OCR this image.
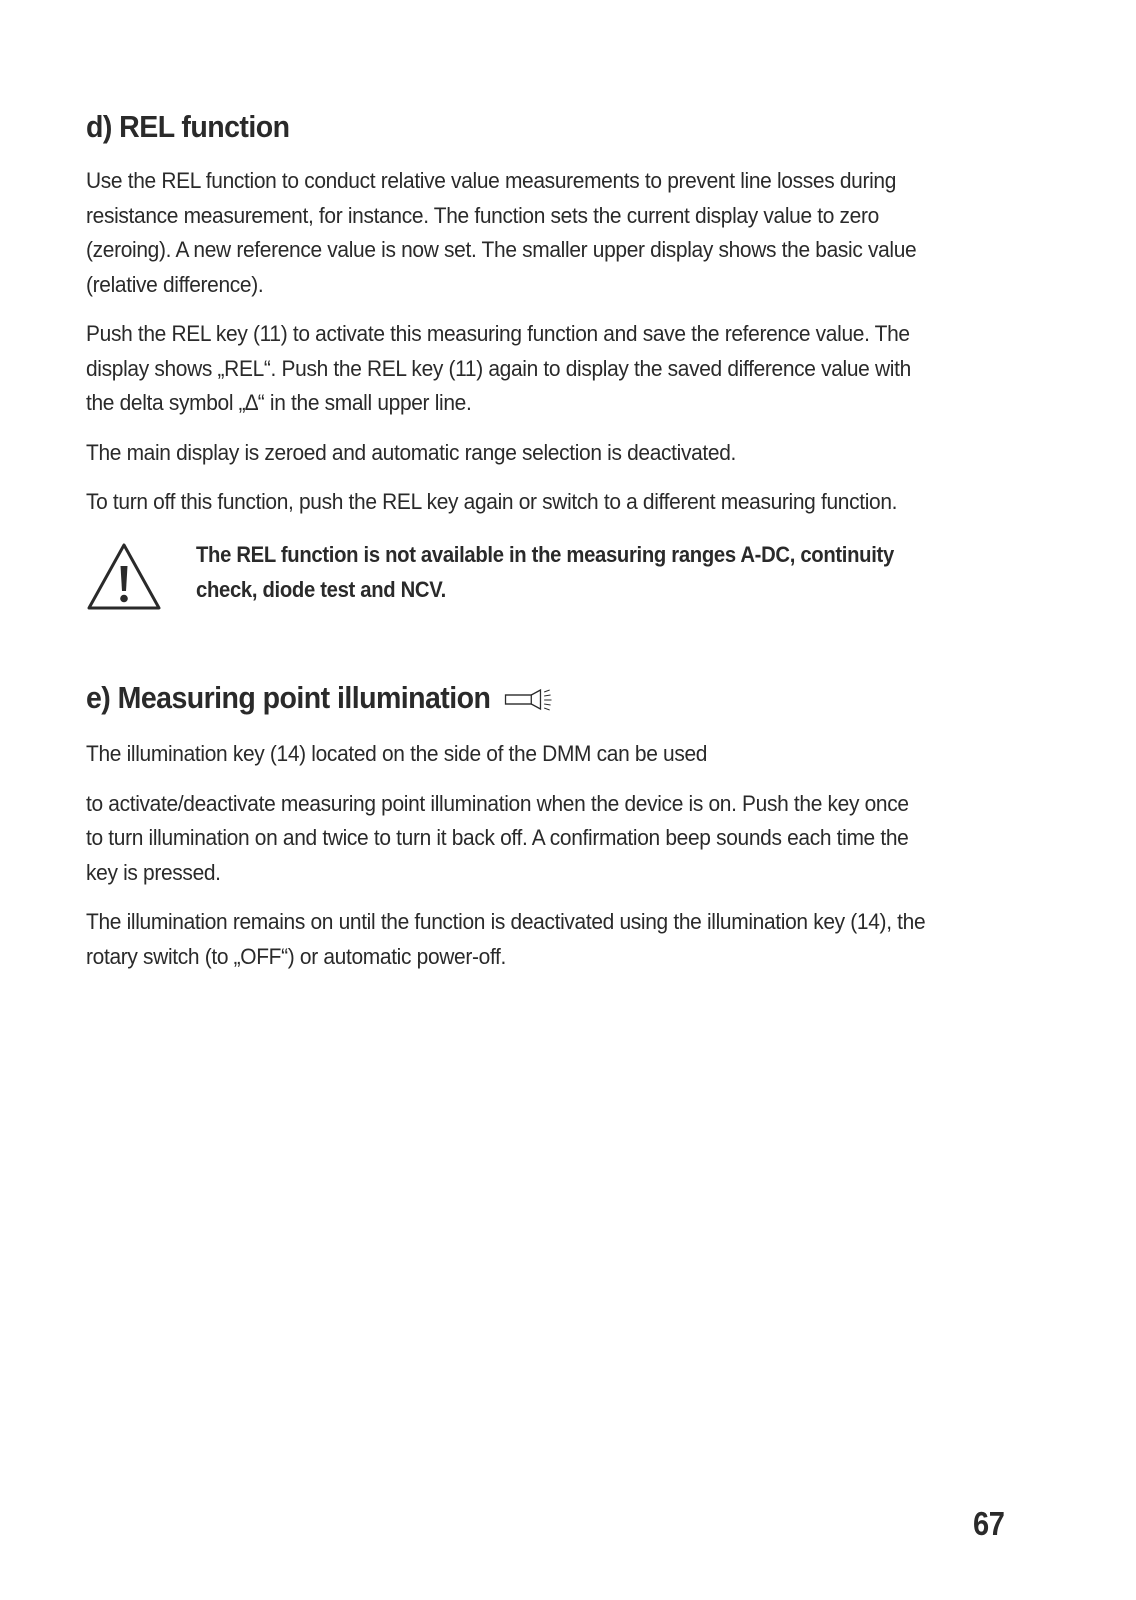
d) REL function

Use the REL function to conduct relative value measurements to prevent line losses during
resistance measurement, for instance. The function sets the current display value to zero
(zeroing). A new reference value is now set. The smaller upper display shows the basic value
(relative difference).

Push the REL key (11) to activate this measuring function and save the reference value. The
display shows „REL“. Push the REL key (11) again to display the saved difference value with
the delta symbol „∆“ in the small upper line.

The main display is zeroed and automatic range selection is deactivated.

To turn off this function, push the REL key again or switch to a different measuring function.

The REL function is not available in the measuring ranges A-DC, continuity
check, diode test and NCV.
e) Measuring point illumination

The illumination key (14) located on the side of the DMM can be used

to activate/deactivate measuring point illumination when the device is on. Push the key once
to turn illumination on and twice to turn it back off. A confirmation beep sounds each time the
key is pressed.

The illumination remains on until the function is deactivated using the illumination key (14), the
rotary switch (to „OFF“) or automatic power-off.

67
